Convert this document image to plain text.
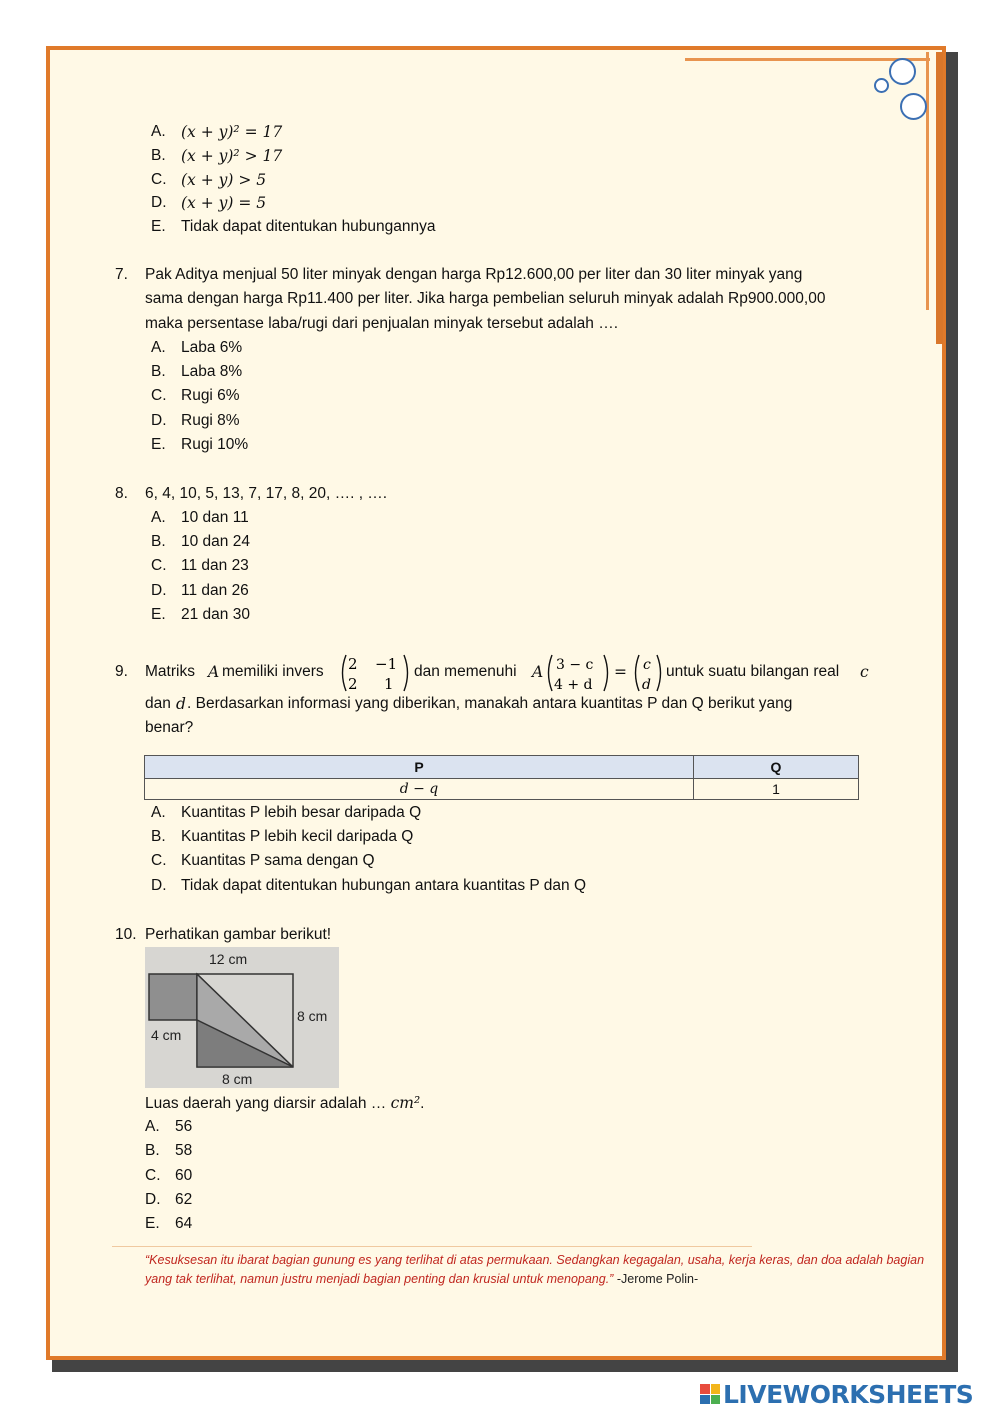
A. (x + y)² = 17
B. (x + y)² > 17
C. (x + y) > 5
D. (x + y) = 5
E. Tidak dapat ditentukan hubungannya
7. Pak Aditya menjual 50 liter minyak dengan harga Rp12.600,00 per liter dan 30 liter minyak yang
sama dengan harga Rp11.400 per liter. Jika harga pembelian seluruh minyak adalah Rp900.000,00
maka persentase laba/rugi dari penjualan minyak tersebut adalah ….
A. Laba 6%
B. Laba 8%
C. Rugi 6%
D. Rugi 8%
E. Rugi 10%
8. 6, 4, 10, 5, 13, 7, 17, 8, 20, …. , ….
A. 10 dan 11
B. 10 dan 24
C. 11 dan 23
D. 11 dan 26
E. 21 dan 30
9. Matriks A memiliki invers 2 −1
2 1
dan memenuhi A 3 − c
4 + d
= c
d
untuk suatu bilangan real c
dan d . Berdasarkan informasi yang diberikan, manakah antara kuantitas P dan Q berikut yang
benar?
P	Q
d − q	1
A. Kuantitas P lebih besar daripada Q
B. Kuantitas P lebih kecil daripada Q
C. Kuantitas P sama dengan Q
D. Tidak dapat ditentukan hubungan antara kuantitas P dan Q
10. Perhatikan gambar berikut!
12 cm
8 cm
4 cm
8 cm
Luas daerah yang diarsir adalah … cm².
A. 56
B. 58
C. 60
D. 62
E. 64
“Kesuksesan itu ibarat bagian gunung es yang terlihat di atas permukaan. Sedangkan kegagalan, usaha, kerja keras, dan doa adalah bagian yang tak terlihat, namun justru menjadi bagian penting dan krusial untuk menopang.” -Jerome Polin-
LIVEWORKSHEETS
